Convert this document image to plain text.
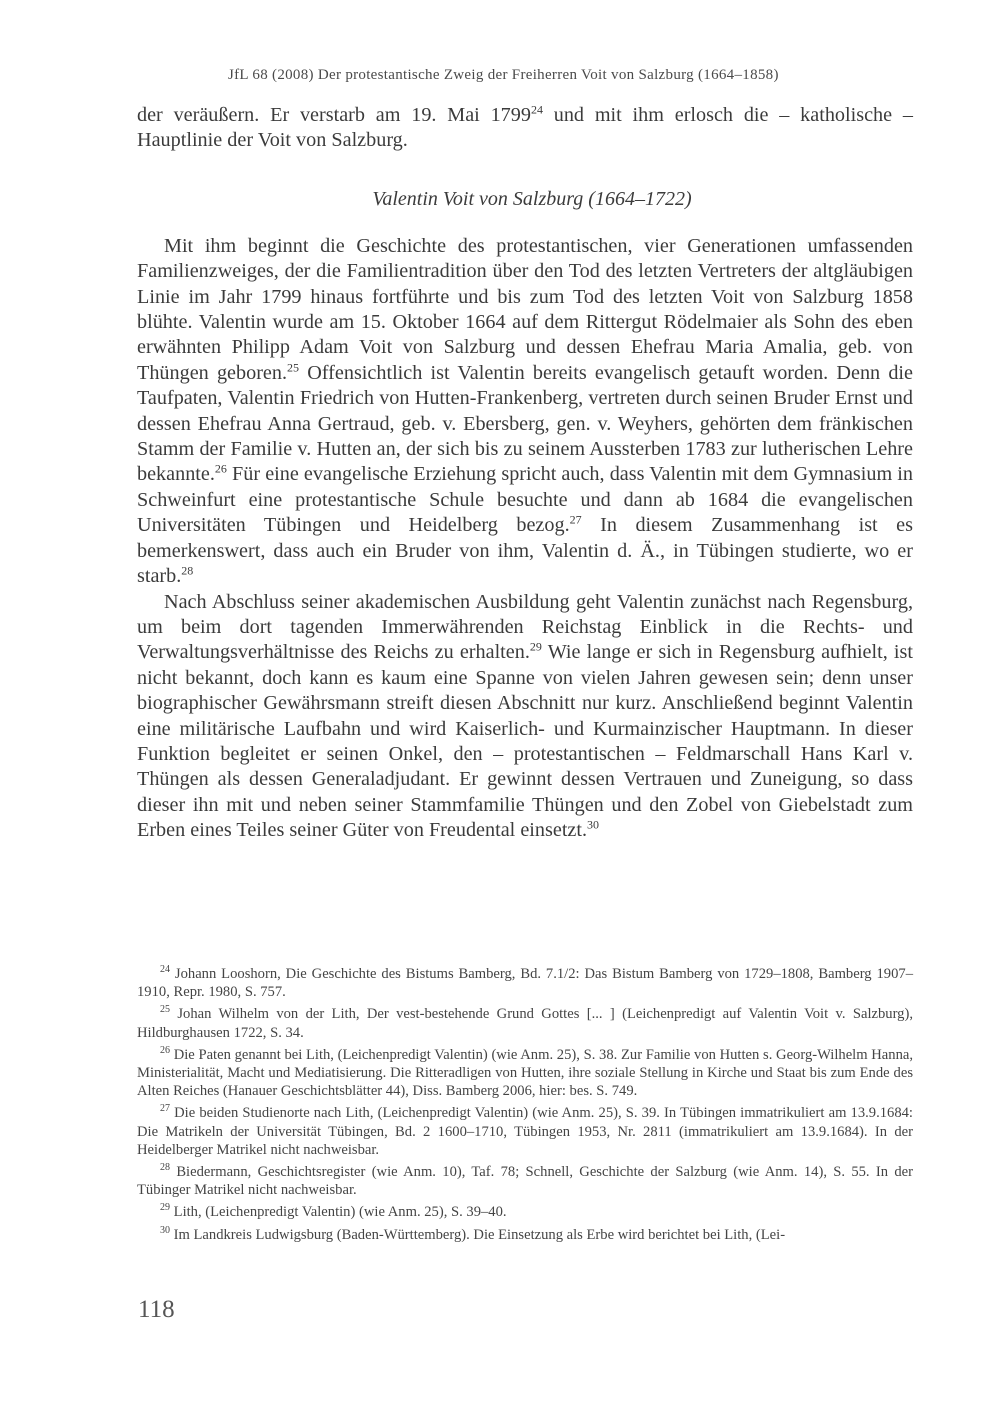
JfL 68 (2008) Der protestantische Zweig der Freiherren Voit von Salzburg (1664–1858)

der veräußern. Er verstarb am 19. Mai 1799$^{24}$ und mit ihm erlosch die – katholische – Hauptlinie der Voit von Salzburg.

Valentin Voit von Salzburg (1664–1722)

Mit ihm beginnt die Geschichte des protestantischen, vier Generationen umfassenden Familienzweiges, der die Familientradition über den Tod des letzten Vertreters der altgläubigen Linie im Jahr 1799 hinaus fortführte und bis zum Tod des letzten Voit von Salzburg 1858 blühte. Valentin wurde am 15. Oktober 1664 auf dem Rittergut Rödelmaier als Sohn des eben erwähnten Philipp Adam Voit von Salzburg und dessen Ehefrau Maria Amalia, geb. von Thüngen geboren.$^{25}$ Offensichtlich ist Valentin bereits evangelisch getauft worden. Denn die Taufpaten, Valentin Friedrich von Hutten-Frankenberg, vertreten durch seinen Bruder Ernst und dessen Ehefrau Anna Gertraud, geb. v. Ebersberg, gen. v. Weyhers, gehörten dem fränkischen Stamm der Familie v. Hutten an, der sich bis zu seinem Aussterben 1783 zur lutherischen Lehre bekannte.$^{26}$ Für eine evangelische Erziehung spricht auch, dass Valentin mit dem Gymnasium in Schweinfurt eine protestantische Schule besuchte und dann ab 1684 die evangelischen Universitäten Tübingen und Heidelberg bezog.$^{27}$ In diesem Zusammenhang ist es bemerkenswert, dass auch ein Bruder von ihm, Valentin d. Ä., in Tübingen studierte, wo er starb.$^{28}$

Nach Abschluss seiner akademischen Ausbildung geht Valentin zunächst nach Regensburg, um beim dort tagenden Immerwährenden Reichstag Einblick in die Rechts- und Verwaltungsverhältnisse des Reichs zu erhalten.$^{29}$ Wie lange er sich in Regensburg aufhielt, ist nicht bekannt, doch kann es kaum eine Spanne von vielen Jahren gewesen sein; denn unser biographischer Gewährsmann streift diesen Abschnitt nur kurz. Anschließend beginnt Valentin eine militärische Laufbahn und wird Kaiserlich- und Kurmainzischer Hauptmann. In dieser Funktion begleitet er seinen Onkel, den – protestantischen – Feldmarschall Hans Karl v. Thüngen als dessen Generaladjudant. Er gewinnt dessen Vertrauen und Zuneigung, so dass dieser ihn mit und neben seiner Stammfamilie Thüngen und den Zobel von Giebelstadt zum Erben eines Teiles seiner Güter von Freudental einsetzt.$^{30}$

$^{24}$ Johann Looshorn, Die Geschichte des Bistums Bamberg, Bd. 7.1/2: Das Bistum Bamberg von 1729–1808, Bamberg 1907–1910, Repr. 1980, S. 757.

$^{25}$ Johan Wilhelm von der Lith, Der vest-bestehende Grund Gottes [... ] (Leichenpredigt auf Valentin Voit v. Salzburg), Hildburghausen 1722, S. 34.

$^{26}$ Die Paten genannt bei Lith, (Leichenpredigt Valentin) (wie Anm. 25), S. 38. Zur Familie von Hutten s. Georg-Wilhelm Hanna, Ministerialität, Macht und Mediatisierung. Die Ritteradligen von Hutten, ihre soziale Stellung in Kirche und Staat bis zum Ende des Alten Reiches (Hanauer Geschichtsblätter 44), Diss. Bamberg 2006, hier: bes. S. 749.

$^{27}$ Die beiden Studienorte nach Lith, (Leichenpredigt Valentin) (wie Anm. 25), S. 39. In Tübingen immatrikuliert am 13.9.1684: Die Matrikeln der Universität Tübingen, Bd. 2 1600–1710, Tübingen 1953, Nr. 2811 (immatrikuliert am 13.9.1684). In der Heidelberger Matrikel nicht nachweisbar.

$^{28}$ Biedermann, Geschichtsregister (wie Anm. 10), Taf. 78; Schnell, Geschichte der Salzburg (wie Anm. 14), S. 55. In der Tübinger Matrikel nicht nachweisbar.

$^{29}$ Lith, (Leichenpredigt Valentin) (wie Anm. 25), S. 39–40.

$^{30}$ Im Landkreis Ludwigsburg (Baden-Württemberg). Die Einsetzung als Erbe wird berichtet bei Lith, (Lei-

118
